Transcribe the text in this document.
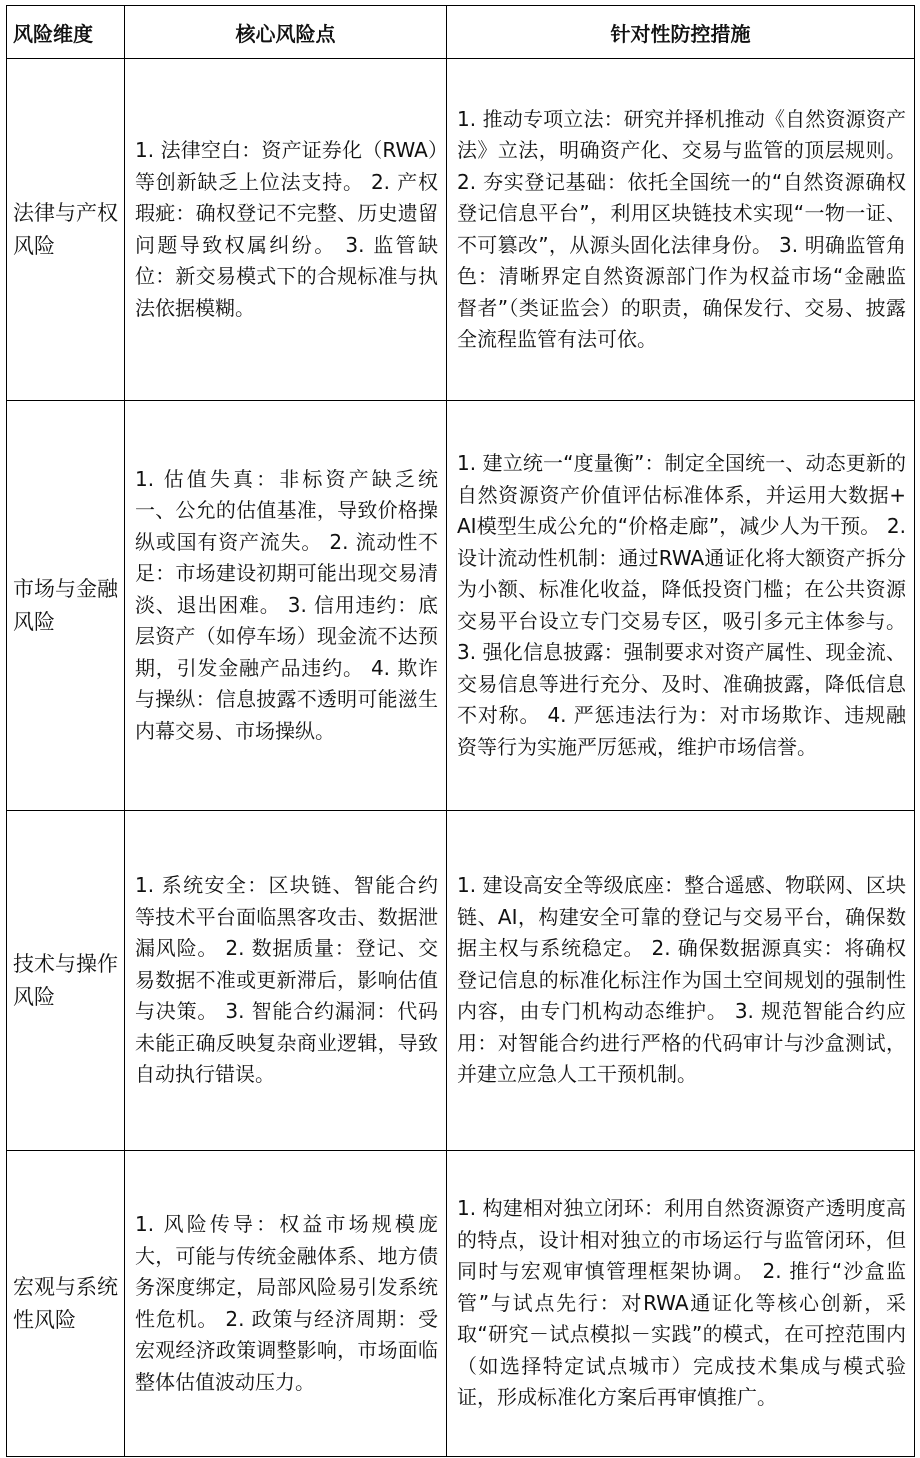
风险维度	核心风险点	针对性防控措施
法律与产权风险	1. 法律空白：资产证券化（RWA）等创新缺乏上位法支持。 2. 产权瑕疵：确权登记不完整、历史遗留问题导致权属纠纷。 3. 监管缺位：新交易模式下的合规标准与执法依据模糊。	1. 推动专项立法：研究并择机推动《自然资源资产法》立法，明确资产化、交易与监管的顶层规则。 2. 夯实登记基础：依托全国统一的“自然资源确权登记信息平台”，利用区块链技术实现“一物一证、不可篡改”，从源头固化法律身份。 3. 明确监管角色：清晰界定自然资源部门作为权益市场“金融监督者”（类证监会）的职责，确保发行、交易、披露全流程监管有法可依。
市场与金融风险	1. 估值失真：非标资产缺乏统一、公允的估值基准，导致价格操纵或国有资产流失。 2. 流动性不足：市场建设初期可能出现交易清淡、退出困难。 3. 信用违约：底层资产（如停车场）现金流不达预期，引发金融产品违约。 4. 欺诈与操纵：信息披露不透明可能滋生内幕交易、市场操纵。	1. 建立统一“度量衡”：制定全国统一、动态更新的自然资源资产价值评估标准体系，并运用大数据+AI模型生成公允的“价格走廊”，减少人为干预。 2. 设计流动性机制：通过RWA通证化将大额资产拆分为小额、标准化收益，降低投资门槛；在公共资源交易平台设立专门交易专区，吸引多元主体参与。 3. 强化信息披露：强制要求对资产属性、现金流、交易信息等进行充分、及时、准确披露，降低信息不对称。 4. 严惩违法行为：对市场欺诈、违规融资等行为实施严厉惩戒，维护市场信誉。
技术与操作风险	1. 系统安全：区块链、智能合约等技术平台面临黑客攻击、数据泄漏风险。 2. 数据质量：登记、交易数据不准或更新滞后，影响估值与决策。 3. 智能合约漏洞：代码未能正确反映复杂商业逻辑，导致自动执行错误。	1. 建设高安全等级底座：整合遥感、物联网、区块链、AI，构建安全可靠的登记与交易平台，确保数据主权与系统稳定。 2. 确保数据源真实：将确权登记信息的标准化标注作为国土空间规划的强制性内容，由专门机构动态维护。 3. 规范智能合约应用：对智能合约进行严格的代码审计与沙盒测试，并建立应急人工干预机制。
宏观与系统性风险	1. 风险传导：权益市场规模庞大，可能与传统金融体系、地方债务深度绑定，局部风险易引发系统性危机。 2. 政策与经济周期：受宏观经济政策调整影响，市场面临整体估值波动压力。	1. 构建相对独立闭环：利用自然资源资产透明度高的特点，设计相对独立的市场运行与监管闭环，但同时与宏观审慎管理框架协调。 2. 推行“沙盒监管”与试点先行：对RWA通证化等核心创新，采取“研究－试点模拟－实践”的模式，在可控范围内（如选择特定试点城市）完成技术集成与模式验证，形成标准化方案后再审慎推广。
